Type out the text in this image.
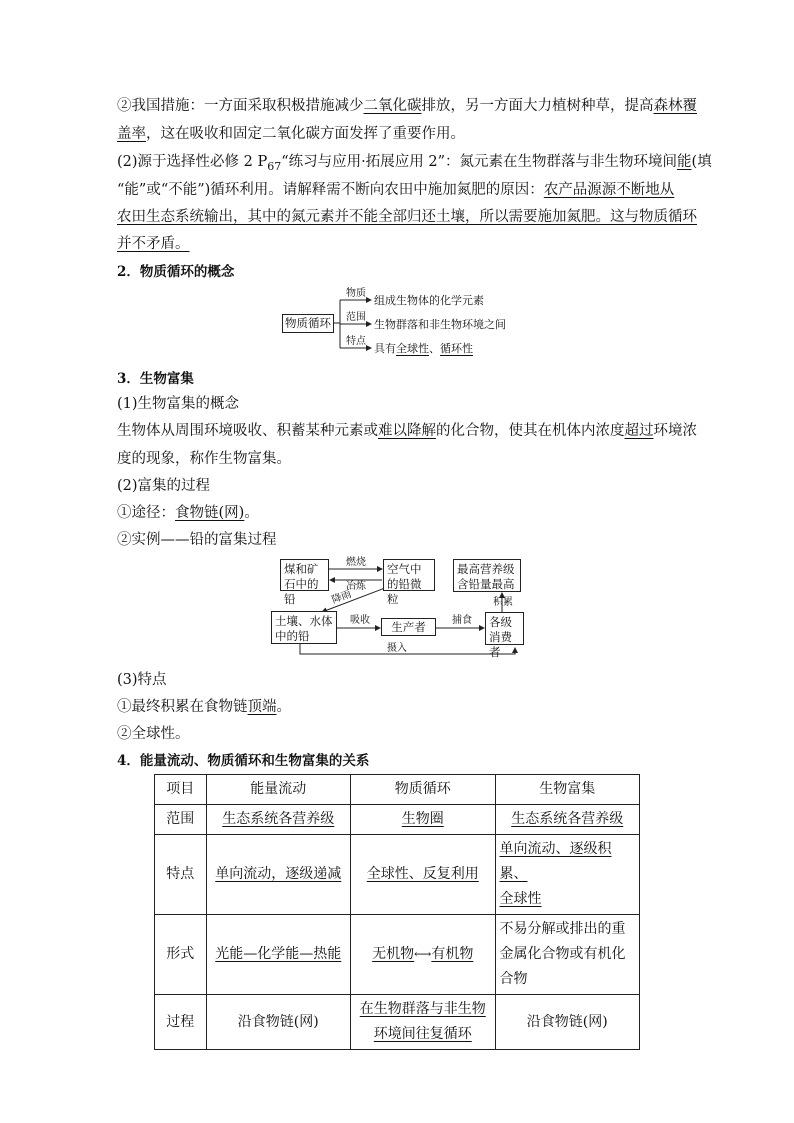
②我国措施：一方面采取积极措施减少二氧化碳排放，另一方面大力植树种草，提高森林覆
盖率，这在吸收和固定二氧化碳方面发挥了重要作用。
(2)源于选择性必修 2 $P_{67}“$练习与应用·拓展应用 2”：氮元素在生物群落与非生物环境间能(填
“能”或“不能”)循环利用。请解释需不断向农田中施加氮肥的原因：农产品源源不断地从
农田生态系统输出，其中的氮元素并不能全部归还土壤，所以需要施加氮肥。这与物质循环
并不矛盾。
2．物质循环的概念
物质循环
物质
组成生物体的化学元素
范围
生物群落和非生物环境之间
特点
具有全球性、循环性
3．生物富集
(1)生物富集的概念
生物体从周围环境吸收、积蓄某种元素或难以降解的化合物，使其在机体内浓度超过环境浓
度的现象，称作生物富集。
(2)富集的过程
①途径：食物链(网)。
②实例——铅的富集过程
煤和矿石中的铅
空气中的铅微粒
最高营养级含铅量最高
土壤、水体中的铅
生产者	各级消费者
燃烧
冶炼
降雨
吸收	捕食
积累
摄入
(3)特点
①最终积累在食物链顶端。
②全球性。
4．能量流动、物质循环和生物富集的关系
项目	能量流动	物质循环	生物富集
范围	生态系统各营养级	生物圈	生态系统各营养级
特点	单向流动，逐级递减	全球性、反复利用	单向流动、逐级积累、
全球性
形式	光能—化学能—热能	无机物⟷有机物	不易分解或排出的重
金属化合物或有机化
合物
过程	沿食物链(网)	在生物群落与非生物
环境间往复循环	沿食物链(网)
